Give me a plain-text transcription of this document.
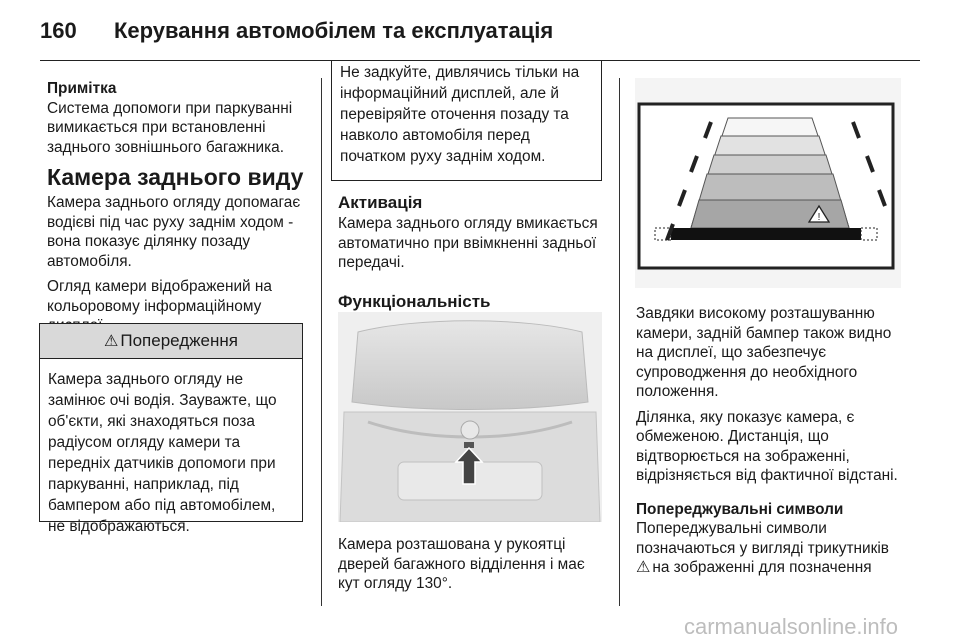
160 Керування автомобілем та експлуатація

Примітка

Система допомоги при паркуванні вимикається при встановленні заднього зовнішнього багажника.

Камера заднього виду

Камера заднього огляду допомагає водієві під час руху заднім ходом - вона показує ділянку позаду автомобіля.

Огляд камери відображений на кольоровому інформаційному

⚠ Попередження
Камера заднього огляду не замінює очі водія. Зауважте, що об'єкти, які знаходяться поза радіусом огляду камери та передніх датчиків допомоги при паркуванні, наприклад, під бампером або під автомобілем, не відображаються.
Не задкуйте, дивлячись тільки на інформаційний дисплей, але й перевіряйте оточення позаду та навколо автомобіля перед початком руху заднім ходом.
Активація

Камера заднього огляду вмикається автоматично при ввімкненні задньої передачі.

Функціональність

Камера розташована у рукоятці дверей багажного відділення і має кут огляду 130°.

!

Завдяки високому розташуванню камери, задній бампер також видно на дисплеї, що забезпечує супроводження до необхідного положення.

Ділянка, яку показує камера, є обмеженою. Дистанція, що відтворюється на зображенні, відрізняється від фактичної відстані.

Попереджувальні символи

Попереджувальні символи позначаються у вигляді трикутників

⚠ на зображенні для позначення

carmanualsonline.info
